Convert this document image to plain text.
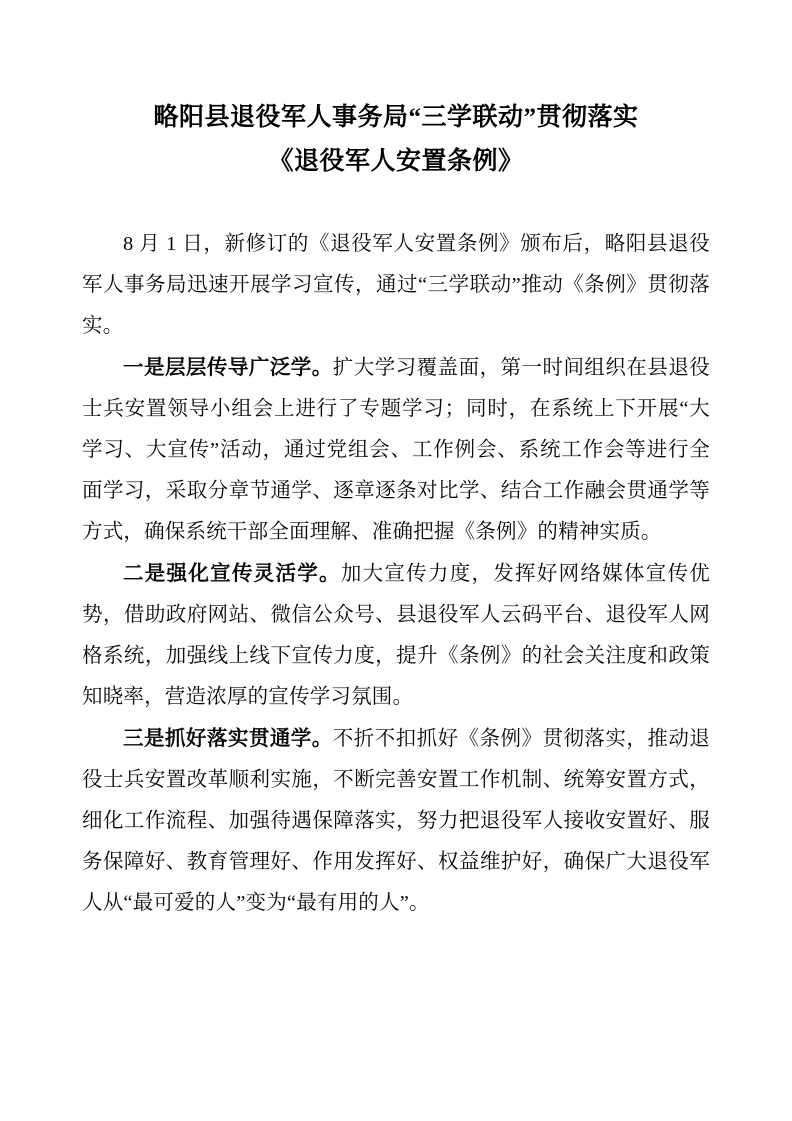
略阳县退役军人事务局“三学联动”贯彻落实
《退役军人安置条例》

8 月 1 日，新修订的《退役军人安置条例》颁布后，略阳县退役军人事务局迅速开展学习宣传，通过“三学联动”推动《条例》贯彻落实。

一是层层传导广泛学。扩大学习覆盖面，第一时间组织在县退役士兵安置领导小组会上进行了专题学习；同时，在系统上下开展“大学习、大宣传”活动，通过党组会、工作例会、系统工作会等进行全面学习，采取分章节通学、逐章逐条对比学、结合工作融会贯通学等方式，确保系统干部全面理解、准确把握《条例》的精神实质。

二是强化宣传灵活学。加大宣传力度，发挥好网络媒体宣传优势，借助政府网站、微信公众号、县退役军人云码平台、退役军人网格系统，加强线上线下宣传力度，提升《条例》的社会关注度和政策知晓率，营造浓厚的宣传学习氛围。

三是抓好落实贯通学。不折不扣抓好《条例》贯彻落实，推动退役士兵安置改革顺利实施，不断完善安置工作机制、统筹安置方式，细化工作流程、加强待遇保障落实，努力把退役军人接收安置好、服务保障好、教育管理好、作用发挥好、权益维护好，确保广大退役军人从“最可爱的人”变为“最有用的人”。
